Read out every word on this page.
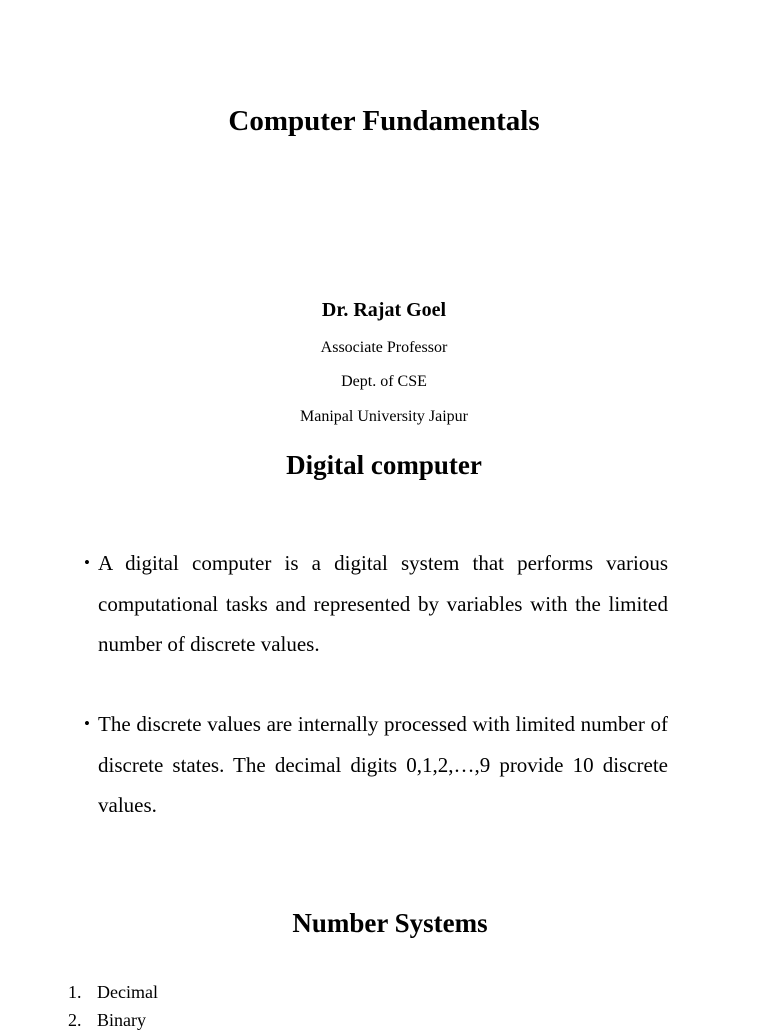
Computer Fundamentals
Dr. Rajat Goel
Associate Professor
Dept. of CSE
Manipal University Jaipur
Digital computer
• A digital computer is a digital system that performs various computational tasks and represented by variables with the limited number of discrete values.
• The discrete values are internally processed with limited number of discrete states. The decimal digits 0,1,2,…,9 provide 10 discrete values.
Number Systems
1. Decimal
2. Binary
